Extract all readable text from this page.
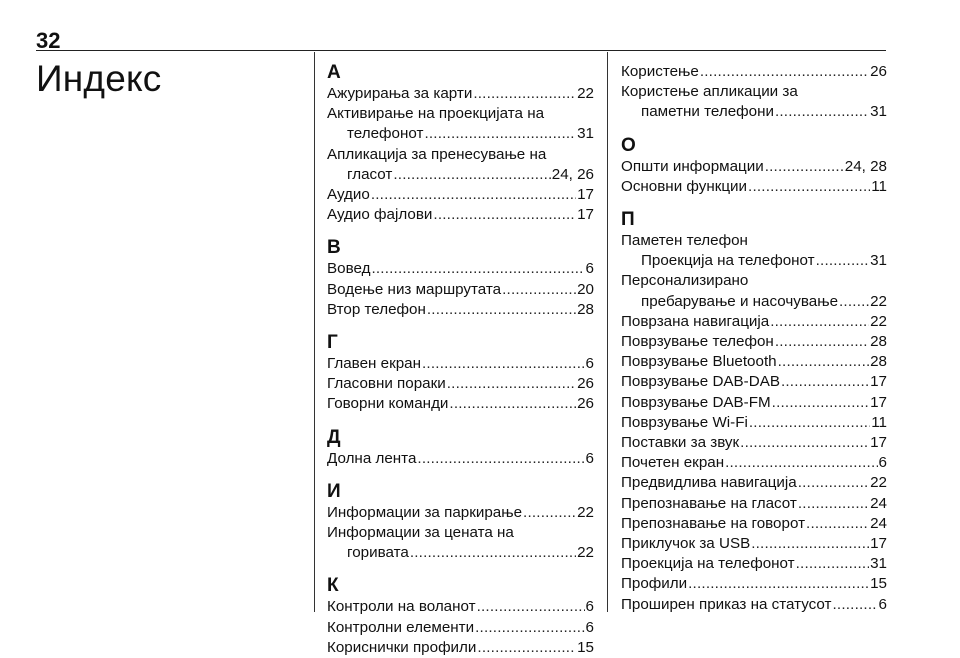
32
Индекс	А
Ажурирања за карти .....	22
Активирање на проекцијата на
телефонот .....	31
Апликација за пренесување на
гласот .....	24, 26
Аудио .....	17
Аудио фајлови .....	17
В
Вовед .....	6
Водење низ маршрутата .....	20
Втор телефон .....	28
Г
Главен екран .....	6
Гласовни пораки .....	26
Говорни команди .....	26
Д
Долна лента .....	6
И
Информации за паркирање .....	22
Информации за цената на
горивата .....	22
К
Контроли на воланот .....	6
Контролни елементи .....	6
Кориснички профили .....	15
Користење .....	26
Користење апликации за
паметни телефони .....	31
О
Општи информации .....	24, 28
Основни функции .....	11
П
Паметен телефон
Проекција на телефонот .....	31
Персонализирано
пребарување и насочување ..... 22
Поврзана навигација .....	22
Поврзување телефон .....	28
Поврзување Bluetooth .....	28
Поврзување DAB-DAB .....	17
Поврзување DAB-FM .....	17
Поврзување Wi-Fi .....	11
Поставки за звук .....	17
Почетен екран .....	6
Предвидлива навигација .....	22
Препознавање на гласот .....	24
Препознавање на говорот .....	24
Приклучок за USB .....	17
Проекција на телефонот .....	31
Профили .....	15
Проширен приказ на статусот .....	6
